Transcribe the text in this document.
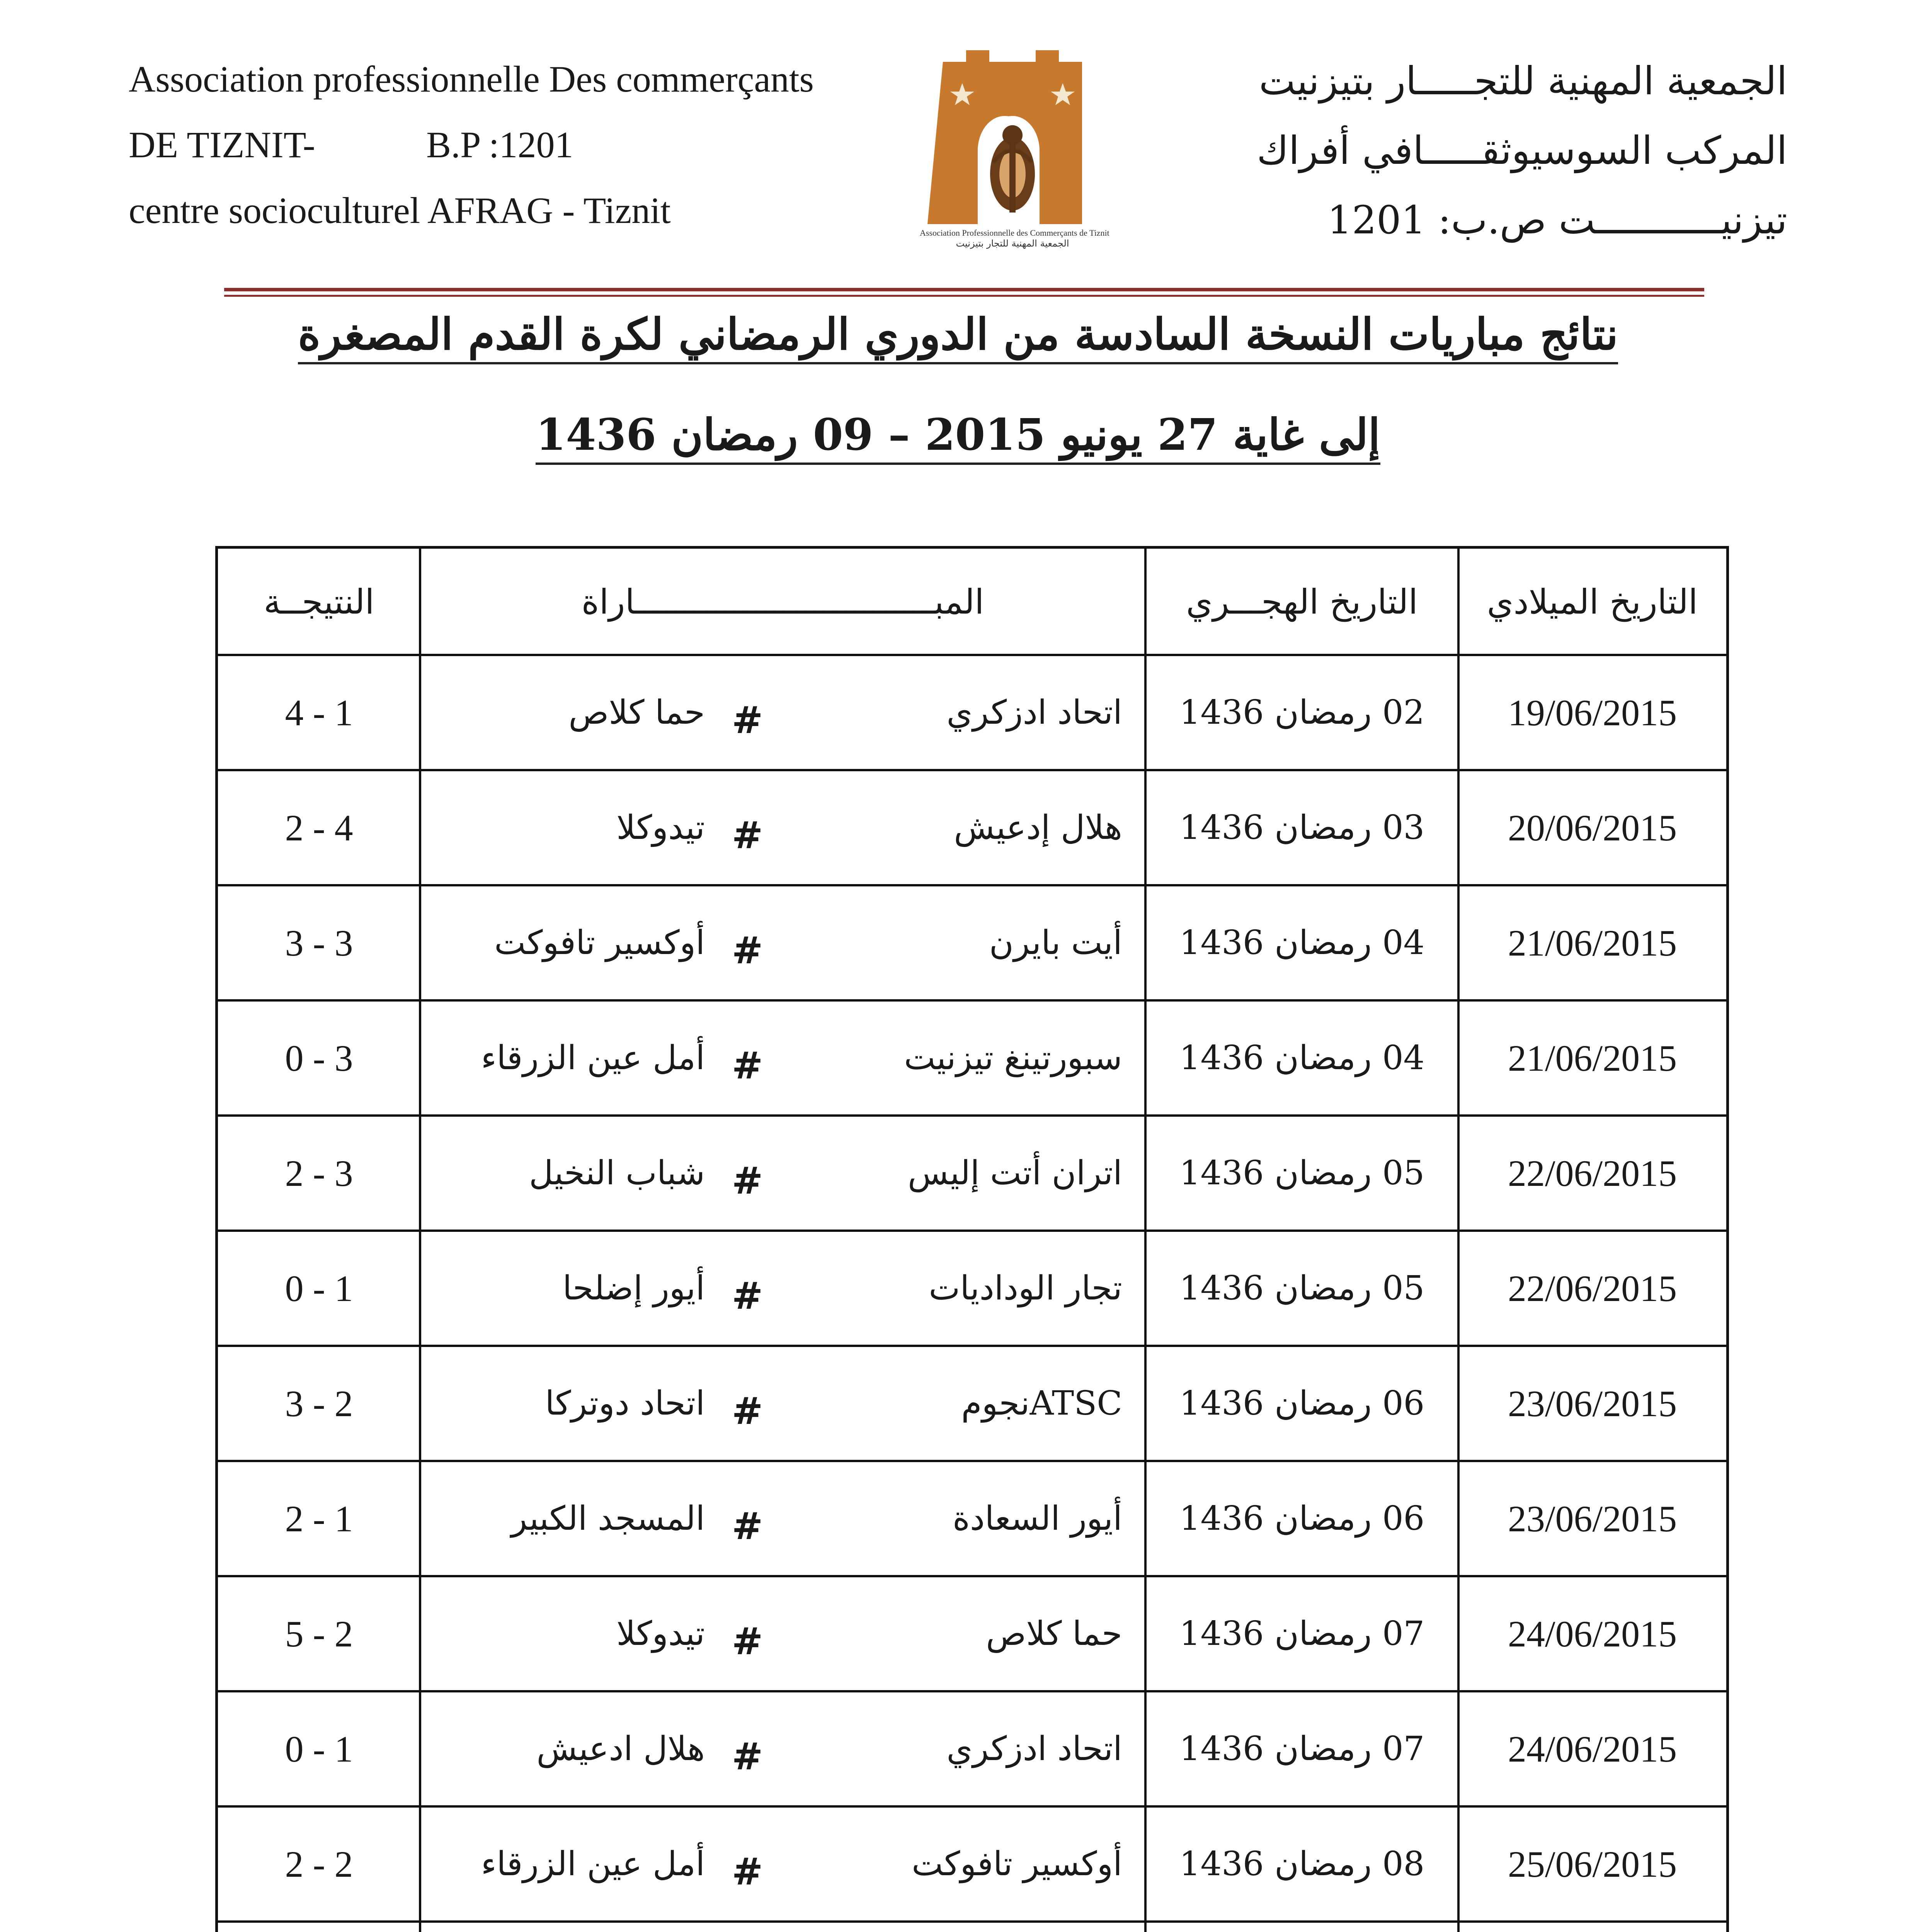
Association professionnelle Des commerçants
DE TIZNIT-	B.P :1201
centre socioculturel AFRAG - Tiznit
Association Professionnelle des Commerçants de Tiznit
الجمعية المهنية للتجار بتيزنيت
الجمعية المهنية للتجـــــار بتيزنيت
المركب السوسيوثقـــــافي أفراك
تيزنيـــــــــــت ص.ب: 1201
نتائج مباريات النسخة السادسة من الدوري الرمضاني لكرة القدم المصغرة
إلى غاية 27 يونيو 2015 – 09 رمضان 1436
النتيجــة	المبــــــــــــــــــــــــــــــاراة	التاريخ الهجـــري	التاريخ الميلادي
1 - 4	حما كلاص #	اتحاد ادزكري	02 رمضان 1436	19/06/2015
4 - 2	تيدوكلا #	هلال إدعيش	03 رمضان 1436	20/06/2015
3 - 3	أوكسير تافوكت #	أيت بايرن	04 رمضان 1436	21/06/2015
3 - 0	أمل عين الزرقاء #	سبورتينغ تيزنيت	04 رمضان 1436	21/06/2015
3 - 2	شباب النخيل #	اتران أتت إليس	05 رمضان 1436	22/06/2015
1 - 0	أيور إضلحا #	تجار الوداديات	05 رمضان 1436	22/06/2015
2 - 3	اتحاد دوتركا #	ATSCنجوم	06 رمضان 1436	23/06/2015
1 - 2	المسجد الكبير #	أيور السعادة	06 رمضان 1436	23/06/2015
2 - 5	تيدوكلا #	حما كلاص	07 رمضان 1436	24/06/2015
1 - 0	هلال ادعيش #	اتحاد ادزكري	07 رمضان 1436	24/06/2015
2 - 2	أمل عين الزرقاء #	أوكسير تافوكت	08 رمضان 1436	25/06/2015
